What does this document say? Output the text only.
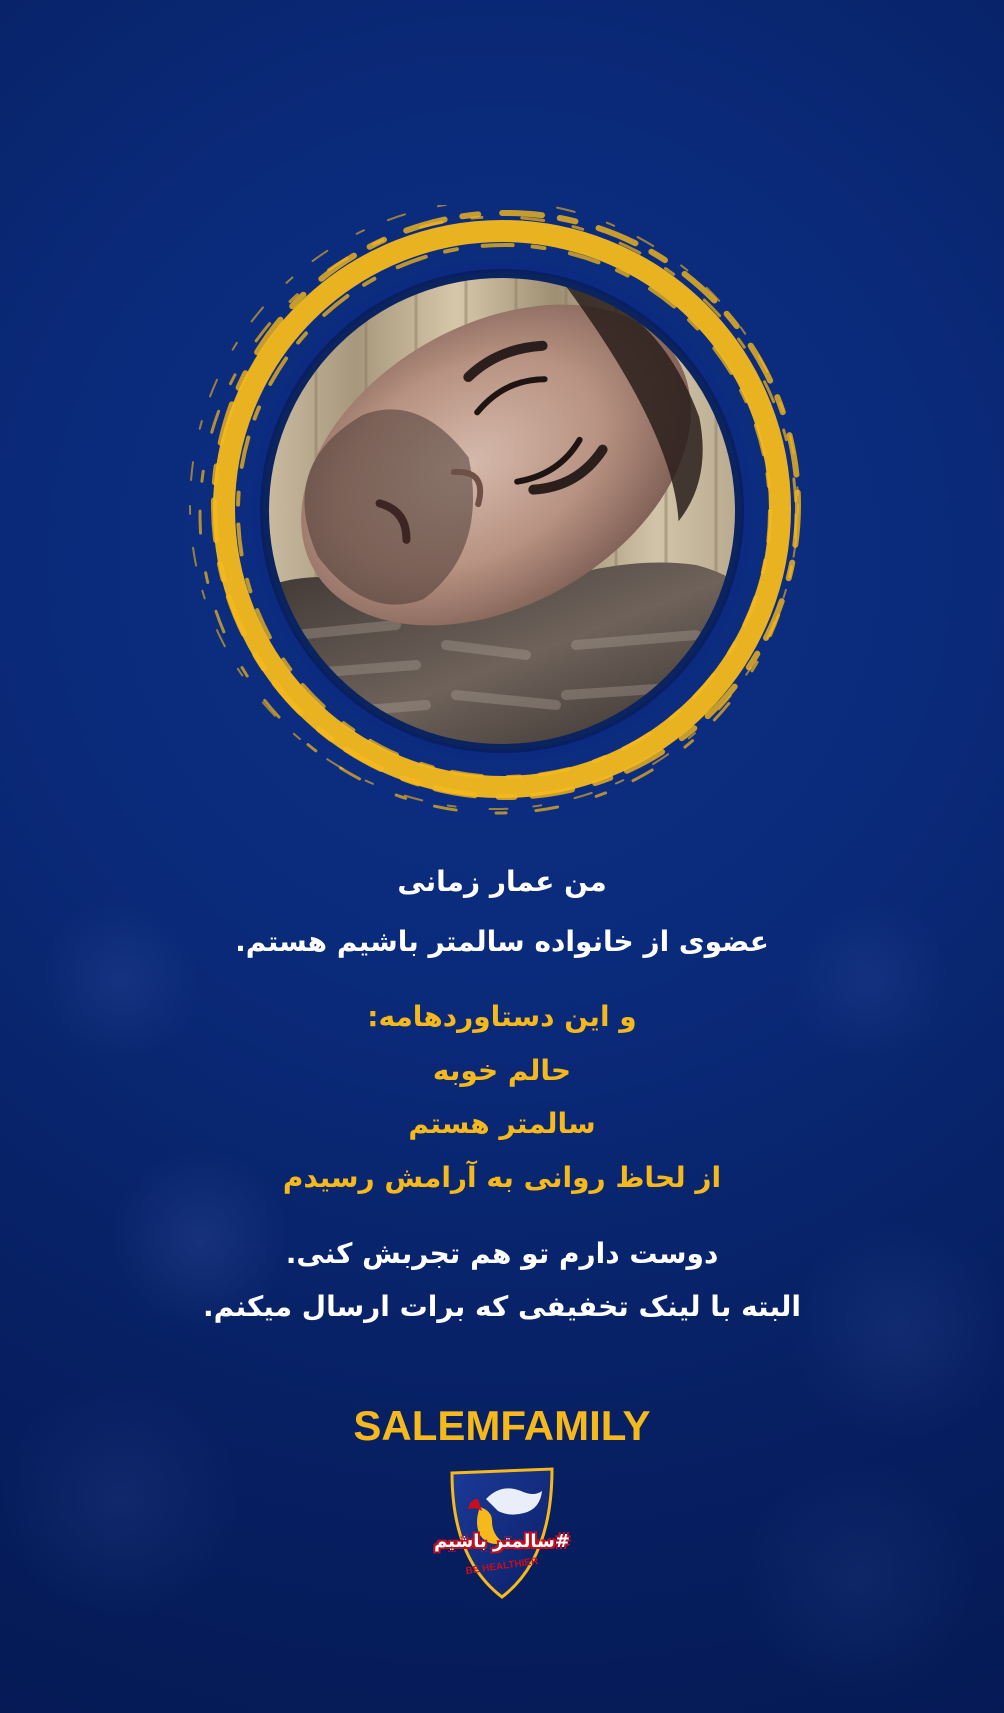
من عمار زمانی

عضوی از خانواده سالمتر باشیم هستم.

و این دستاوردهامه:

حالم خوبه

سالمتر هستم

از لحاظ روانی به آرامش رسیدم

دوست دارم تو هم تجربش کنی.

البته با لینک تخفیفی که برات ارسال میکنم.

SALEMFAMILY
#سالمتر باشیم
BE HEALTHIER
